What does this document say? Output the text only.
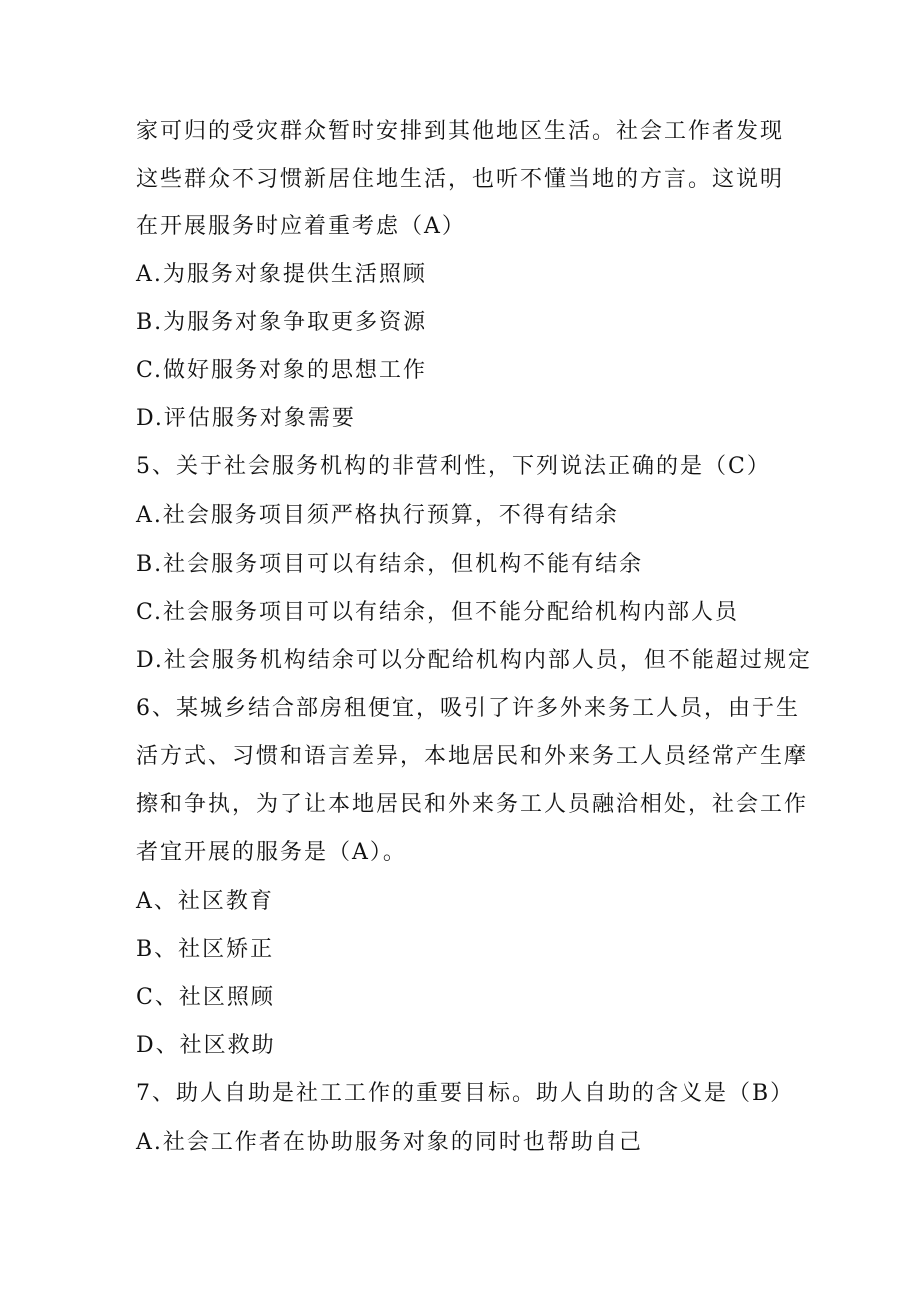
家可归的受灾群众暂时安排到其他地区生活。社会工作者发现
这些群众不习惯新居住地生活，也听不懂当地的方言。这说明
在开展服务时应着重考虑（A）
A.为服务对象提供生活照顾
B.为服务对象争取更多资源
C.做好服务对象的思想工作
D.评估服务对象需要
5、关于社会服务机构的非营利性，下列说法正确的是（C）
A.社会服务项目须严格执行预算，不得有结余
B.社会服务项目可以有结余，但机构不能有结余
C.社会服务项目可以有结余，但不能分配给机构内部人员
D.社会服务机构结余可以分配给机构内部人员，但不能超过规定
6、某城乡结合部房租便宜，吸引了许多外来务工人员，由于生
活方式、习惯和语言差异，本地居民和外来务工人员经常产生摩
擦和争执，为了让本地居民和外来务工人员融洽相处，社会工作
者宜开展的服务是（A）。
A、社区教育
B、社区矫正
C、社区照顾
D、社区救助
7、助人自助是社工工作的重要目标。助人自助的含义是（B）
A.社会工作者在协助服务对象的同时也帮助自己
